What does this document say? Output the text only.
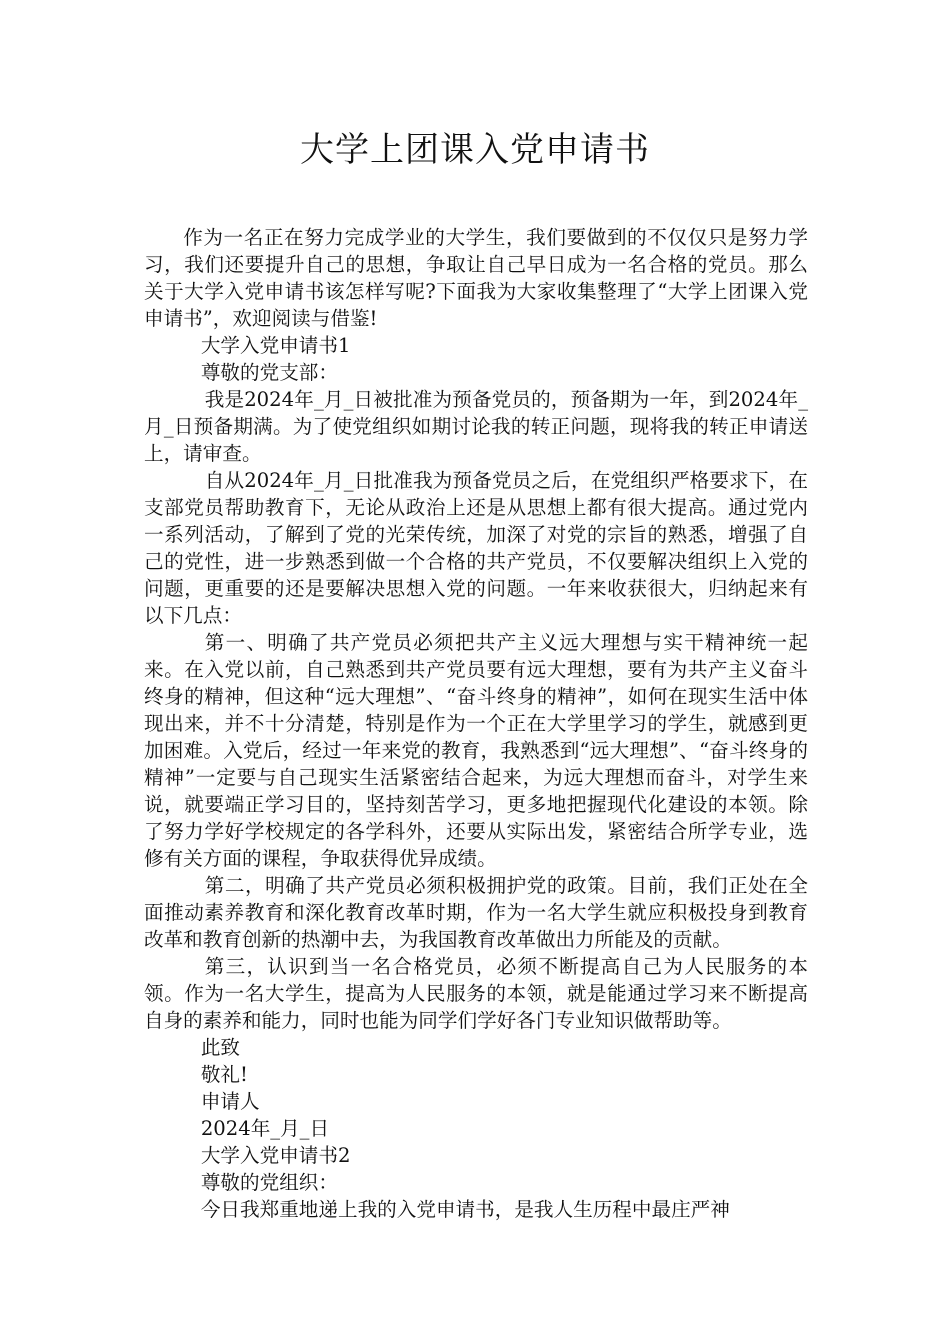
大学上团课入党申请书

作为一名正在努力完成学业的大学生，我们要做到的不仅仅只是努力学习，我们还要提升自己的思想，争取让自己早日成为一名合格的党员。那么关于大学入党申请书该怎样写呢?下面我为大家收集整理了“大学上团课入党申请书”，欢迎阅读与借鉴!

大学入党申请书1

尊敬的党支部：

我是2024年_月_日被批准为预备党员的，预备期为一年，到2024年_月_日预备期满。为了使党组织如期讨论我的转正问题，现将我的转正申请送上，请审查。

自从2024年_月_日批准我为预备党员之后，在党组织严格要求下，在支部党员帮助教育下，无论从政治上还是从思想上都有很大提高。通过党内一系列活动，了解到了党的光荣传统，加深了对党的宗旨的熟悉，增强了自己的党性，进一步熟悉到做一个合格的共产党员，不仅要解决组织上入党的问题，更重要的还是要解决思想入党的问题。一年来收获很大，归纳起来有以下几点：

第一、明确了共产党员必须把共产主义远大理想与实干精神统一起来。在入党以前，自己熟悉到共产党员要有远大理想，要有为共产主义奋斗终身的精神，但这种“远大理想”、“奋斗终身的精神”，如何在现实生活中体现出来，并不十分清楚，特别是作为一个正在大学里学习的学生，就感到更加困难。入党后，经过一年来党的教育，我熟悉到“远大理想”、“奋斗终身的精神”一定要与自己现实生活紧密结合起来，为远大理想而奋斗，对学生来说，就要端正学习目的，坚持刻苦学习，更多地把握现代化建设的本领。除了努力学好学校规定的各学科外，还要从实际出发，紧密结合所学专业，选修有关方面的课程，争取获得优异成绩。

第二，明确了共产党员必须积极拥护党的政策。目前，我们正处在全面推动素养教育和深化教育改革时期，作为一名大学生就应积极投身到教育改革和教育创新的热潮中去，为我国教育改革做出力所能及的贡献。

第三，认识到当一名合格党员，必须不断提高自己为人民服务的本领。作为一名大学生，提高为人民服务的本领，就是能通过学习来不断提高自身的素养和能力，同时也能为同学们学好各门专业知识做帮助等。

此致

敬礼!

申请人

2024年_月_日

大学入党申请书2

尊敬的党组织：

今日我郑重地递上我的入党申请书，是我人生历程中最庄严神
